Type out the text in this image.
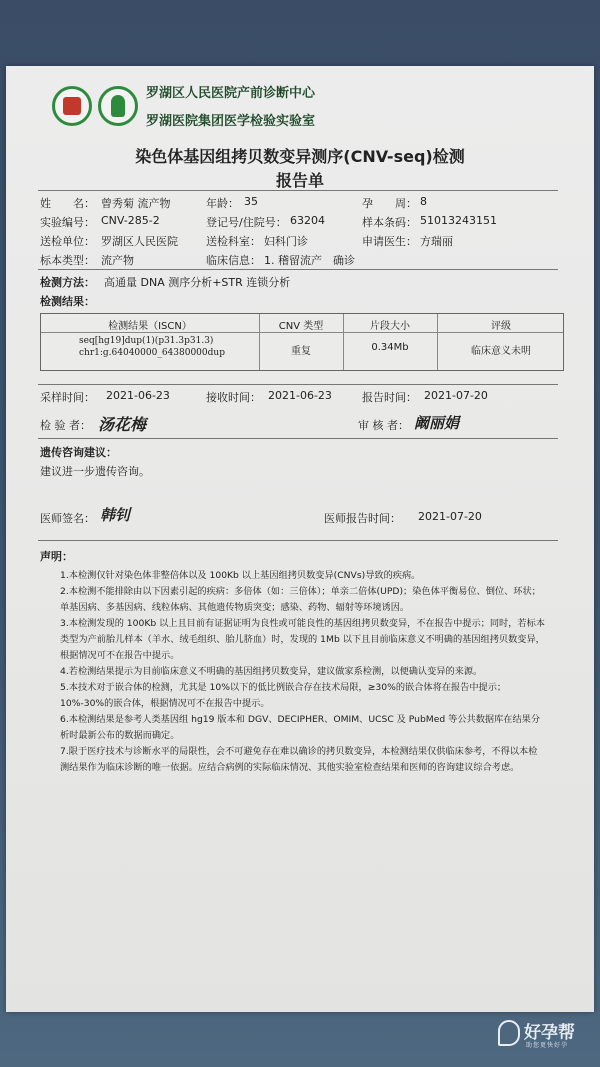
罗湖区人民医院产前诊断中心
罗湖医院集团医学检验实验室
染色体基因组拷贝数变异测序(CNV-seq)检测
报告单
姓　　名： 曾秀菊 流产物	年龄： 35	孕　　周： 8
实验编号： CNV-285-2	登记号/住院号： 63204	样本条码： 51013243151
送检单位： 罗湖区人民医院	送检科室： 妇科门诊	申请医生： 方瑞丽
标本类型： 流产物	临床信息： 1. 稽留流产　确诊
检测方法： 高通量 DNA 测序分析+STR 连锁分析
检测结果：
检测结果（ISCN）	CNV 类型	片段大小	评级
seq[hg19]dup(1)(p31.3p31.3)
chr1:g.64040000_64380000dup	重复	0.34Mb	临床意义未明
采样时间： 2021-06-23	接收时间： 2021-06-23	报告时间： 2021-07-20
检 验 者： 汤花梅	审 核 者： 阚丽娟
遗传咨询建议：
建议进一步遗传咨询。
医师签名： 韩钊	医师报告时间： 2021-07-20
声明：

1.本检测仅针对染色体非整倍体以及 100Kb 以上基因组拷贝数变异(CNVs)导致的疾病。

2.本检测不能排除由以下因素引起的疾病：多倍体（如：三倍体）；单亲二倍体(UPD)；染色体平衡易位、倒位、环状；单基因病、多基因病、线粒体病、其他遗传物质突变；感染、药物、辐射等环境诱因。

3.本检测发现的 100Kb 以上且目前有证据证明为良性或可能良性的基因组拷贝数变异，不在报告中提示；同时，若标本类型为产前胎儿样本（羊水、绒毛组织、胎儿脐血）时，发现的 1Mb 以下且目前临床意义不明确的基因组拷贝数变异，根据情况可不在报告中提示。

4.若检测结果提示为目前临床意义不明确的基因组拷贝数变异，建议做家系检测，以便确认变异的来源。

5.本技术对于嵌合体的检测，尤其是 10%以下的低比例嵌合存在技术局限，≥30%的嵌合体将在报告中提示；10%-30%的嵌合体，根据情况可不在报告中提示。

6.本检测结果是参考人类基因组 hg19 版本和 DGV、DECIPHER、OMIM、UCSC 及 PubMed 等公共数据库在结果分析时最新公布的数据而确定。

7.限于医疗技术与诊断水平的局限性，会不可避免存在难以确诊的拷贝数变异，本检测结果仅供临床参考，不得以本检测结果作为临床诊断的唯一依据。应结合病例的实际临床情况、其他实验室检查结果和医师的咨询建议综合考虑。

好孕帮
助您更快好孕
